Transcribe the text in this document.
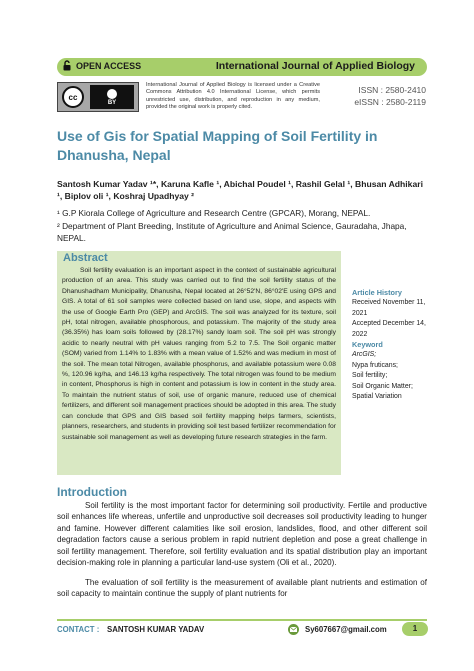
OPEN ACCESS	International Journal of Applied Biology
cc
BY
International Journal of Applied Biology is licensed under a Creative Commons Attribution 4.0 International License, which permits unrestricted use, distribution, and reproduction in any medium, provided the original work is properly cited.
ISSN : 2580-2410
eISSN : 2580-2119
Use of Gis for Spatial Mapping of Soil Fertility in Dhanusha, Nepal
Santosh Kumar Yadav ¹*, Karuna Kafle ¹, Abichal Poudel ¹, Rashil Gelal ¹, Bhusan Adhikari ¹, Biplov oli ¹, Koshraj Upadhyay ²
¹ G.P Kiorala College of Agriculture and Research Centre (GPCAR), Morang, NEPAL.
² Department of Plant Breeding, Institute of Agriculture and Animal Science, Gauradaha, Jhapa, NEPAL.
Abstract

Soil fertility evaluation is an important aspect in the context of sustainable agricultural production of an area. This study was carried out to find the soil fertility status of the Dhanushadham Municipality, Dhanusha, Nepal located at 26°52'N, 86°02'E using GPS and GIS. A total of 61 soil samples were collected based on land use, slope, and aspects with the use of Google Earth Pro (GEP) and ArcGIS. The soil was analyzed for its texture, soil pH, total nitrogen, available phosphorous, and potassium. The majority of the study area (36.35%) has loam soils followed by (28.17%) sandy loam soil. The soil pH was strongly acidic to nearly neutral with pH values ranging from 5.2 to 7.5. The Soil organic matter (SOM) varied from 1.14% to 1.83% with a mean value of 1.52% and was medium in most of the soil. The mean total Nitrogen, available phosphorus, and available potassium were 0.08 %, 120.96 kg/ha, and 146.13 kg/ha respectively. The total nitrogen was found to be medium in content, Phosphorus is high in content and potassium is low in content in the study area. To maintain the nutrient status of soil, use of organic manure, reduced use of chemical fertilizers, and different soil management practices should be adopted in this area. The study can conclude that GPS and GIS based soil fertility mapping helps farmers, scientists, planners, researchers, and students in providing soil test based fertilizer recommendation for sustainable soil management as well as developing future research strategies in the farm.

Article History
Received November 11, 2021
Accepted December 14, 2022
Keyword
ArcGIS;
Nypa fruticans;
Soil fertility;
Soil Organic Matter;
Spatial Variation
Introduction

Soil fertility is the most important factor for determining soil productivity. Fertile and productive soil enhances life whereas, unfertile and unproductive soil decreases soil productivity leading to hunger and famine. However different calamities like soil erosion, landslides, flood, and other different soil degradation factors cause a serious problem in rapid nutrient depletion and pose a great challenge in soil fertility management. Therefore, soil fertility evaluation and its spatial distribution play an important decision-making role in planning a particular land-use system (Oli et al., 2020).

The evaluation of soil fertility is the measurement of available plant nutrients and estimation of soil capacity to maintain continue the supply of plant nutrients for

CONTACT : SANTOSH KUMAR YADAV	Sy607667@gmail.com	1
